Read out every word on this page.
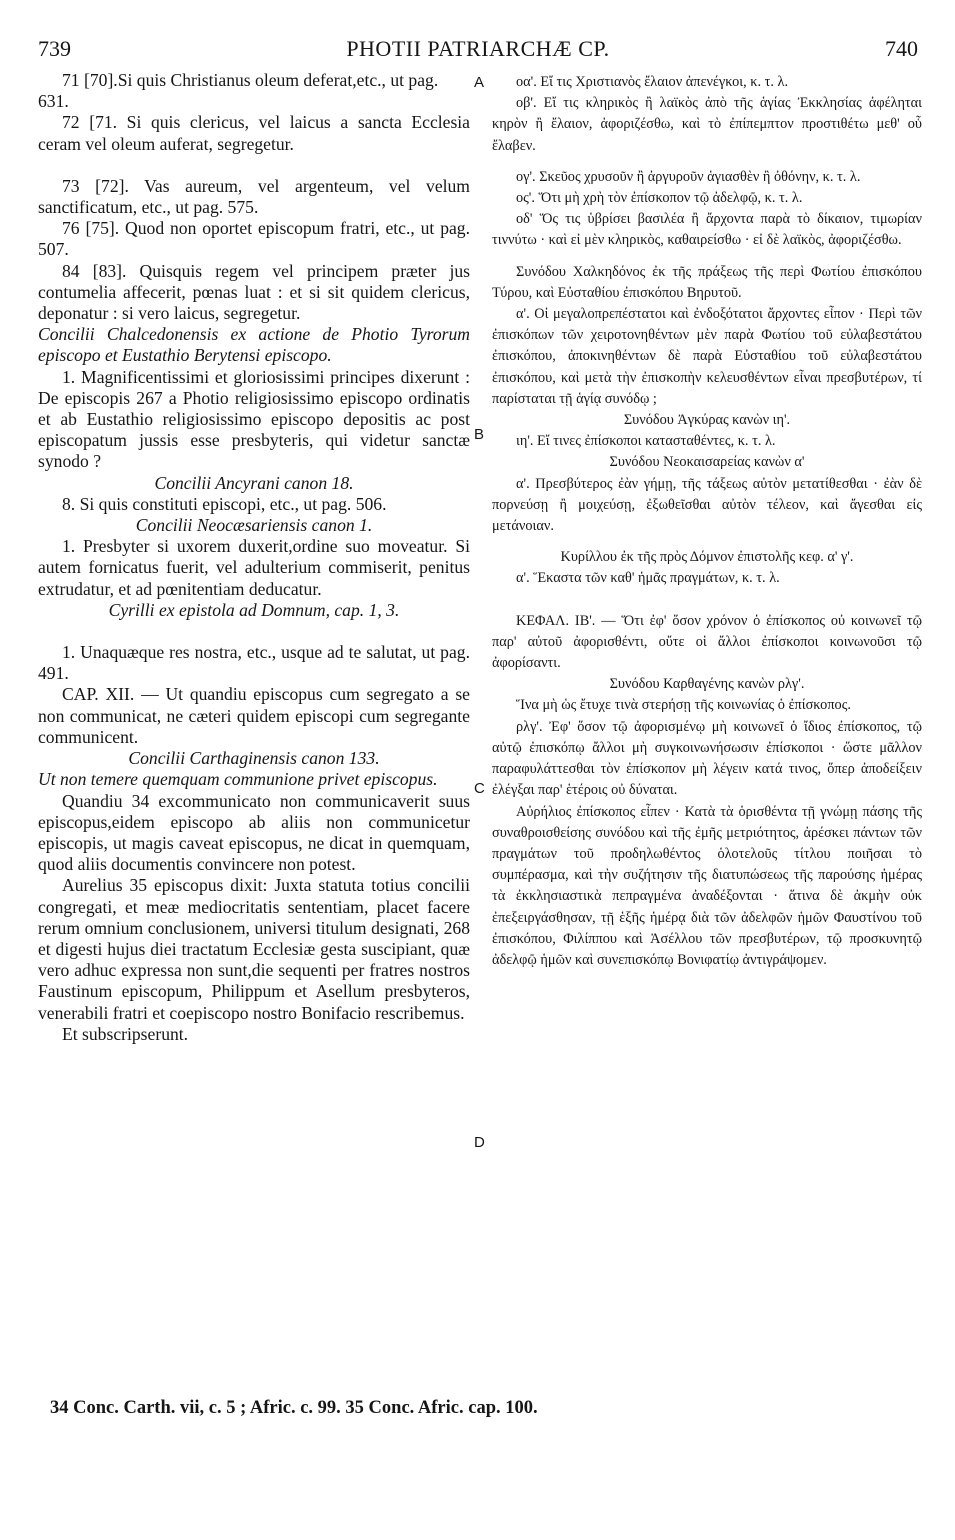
739	PHOTII PATRIARCHÆ CP.	740
A
B
C
D

71 [70].Si quis Christianus oleum deferat,etc., ut pag. 631.

72 [71. Si quis clericus, vel laicus a sancta Ecclesia ceram vel oleum auferat, segregetur.

73 [72]. Vas aureum, vel argenteum, vel velum sanctificatum, etc., ut pag. 575.

76 [75]. Quod non oportet episcopum fratri, etc., ut pag. 507.

84 [83]. Quisquis regem vel principem præter jus contumelia affecerit, pœnas luat : et si sit quidem clericus, deponatur : si vero laicus, segregetur.

Concilii Chalcedonensis ex actione de Photio Tyrorum episcopo et Eustathio Berytensi episcopo.

1. Magnificentissimi et gloriosissimi principes dixerunt : De episcopis 267 a Photio religiosissimo episcopo ordinatis et ab Eustathio religiosissimo episcopo depositis ac post episcopatum jussis esse presbyteris, qui videtur sanctæ synodo ?

Concilii Ancyrani canon 18.

8. Si quis constituti episcopi, etc., ut pag. 506.

Concilii Neocæsariensis canon 1.

1. Presbyter si uxorem duxerit,ordine suo moveatur. Si autem fornicatus fuerit, vel adulterium commiserit, penitus extrudatur, et ad pœnitentiam deducatur.

Cyrilli ex epistola ad Domnum, cap. 1, 3.

1. Unaquæque res nostra, etc., usque ad te salutat, ut pag. 491.

CAP. XII. — Ut quandiu episcopus cum segregato a se non communicat, ne cæteri quidem episcopi cum segregante communicent.

Concilii Carthaginensis canon 133.

Ut non temere quemquam communione privet episcopus.

Quandiu 34 excommunicato non communicaverit suus episcopus,eidem episcopo ab aliis non communicetur episcopis, ut magis caveat episcopus, ne dicat in quemquam, quod aliis documentis convincere non potest.

Aurelius 35 episcopus dixit: Juxta statuta totius concilii congregati, et meæ mediocritatis sententiam, placet facere rerum omnium conclusionem, universi titulum designati, 268 et digesti hujus diei tractatum Ecclesiæ gesta suscipiant, quæ vero adhuc expressa non sunt,die sequenti per fratres nostros Faustinum episcopum, Philippum et Asellum presbyteros, venerabili fratri et coepiscopo nostro Bonifacio rescribemus.

Et subscripserunt.

οα'. Εἴ τις Χριστιανὸς ἔλαιον ἀπενέγκοι, κ. τ. λ.

οβ'. Εἴ τις κληρικὸς ἢ λαϊκὸς ἀπὸ τῆς ἁγίας Ἐκκλησίας ἀφέληται κηρὸν ἢ ἔλαιον, ἀφοριζέσθω, καὶ τὸ ἐπίπεμπτον προστιθέτω μεθ' οὗ ἔλαβεν.

ογ'. Σκεῦος χρυσοῦν ἢ ἀργυροῦν ἁγιασθὲν ἢ ὀθόνην, κ. τ. λ.

ος'. Ὅτι μὴ χρὴ τὸν ἐπίσκοπον τῷ ἀδελφῷ, κ. τ. λ.

οδ' Ὅς τις ὑβρίσει βασιλέα ἢ ἄρχοντα παρὰ τὸ δίκαιον, τιμωρίαν τιννύτω · καὶ εἰ μὲν κληρικὸς, καθαιρείσθω · εἰ δὲ λαϊκὸς, ἀφοριζέσθω.

Συνόδου Χαλκηδόνος ἐκ τῆς πράξεως τῆς περὶ Φωτίου ἐπισκόπου Τύρου, καὶ Εὐσταθίου ἐπισκόπου Βηρυτοῦ.

α'. Οἱ μεγαλοπρεπέστατοι καὶ ἐνδοξότατοι ἄρχοντες εἶπον · Περὶ τῶν ἐπισκόπων τῶν χειροτονηθέντων μὲν παρὰ Φωτίου τοῦ εὐλαβεστάτου ἐπισκόπου, ἀποκινηθέντων δὲ παρὰ Εὐσταθίου τοῦ εὐλαβεστάτου ἐπισκόπου, καὶ μετὰ τὴν ἐπισκοπὴν κελευσθέντων εἶναι πρεσβυτέρων, τί παρίσταται τῇ ἁγίᾳ συνόδῳ ;

Συνόδου Ἀγκύρας κανὼν ιη'.

ιη'. Εἴ τινες ἐπίσκοποι κατασταθέντες, κ. τ. λ.

Συνόδου Νεοκαισαρείας κανὼν α'

α'. Πρεσβύτερος ἐὰν γήμῃ, τῆς τάξεως αὐτὸν μετατίθεσθαι · ἐὰν δὲ πορνεύσῃ ἢ μοιχεύσῃ, ἐξωθεῖσθαι αὐτὸν τέλεον, καὶ ἄγεσθαι εἰς μετάνοιαν.

Κυρίλλου ἐκ τῆς πρὸς Δόμνον ἐπιστολῆς κεφ. α' γ'.

α'. Ἕκαστα τῶν καθ' ἡμᾶς πραγμάτων, κ. τ. λ.

ΚΕΦΑΛ. ΙΒ'. — Ὅτι ἐφ' ὅσον χρόνον ὁ ἐπίσκοπος οὐ κοινωνεῖ τῷ παρ' αὐτοῦ ἀφορισθέντι, οὔτε οἱ ἄλλοι ἐπίσκοποι κοινωνοῦσι τῷ ἀφορίσαντι.

Συνόδου Καρθαγένης κανὼν ρλγ'.

Ἵνα μὴ ὡς ἔτυχε τινὰ στερήσῃ τῆς κοινωνίας ὁ ἐπίσκοπος.

ρλγ'. Ἐφ' ὅσον τῷ ἀφορισμένῳ μὴ κοινωνεῖ ὁ ἴδιος ἐπίσκοπος, τῷ αὐτῷ ἐπισκόπῳ ἄλλοι μὴ συγκοινωνήσωσιν ἐπίσκοποι · ὥστε μᾶλλον παραφυλάττεσθαι τὸν ἐπίσκοπον μὴ λέγειν κατά τινος, ὅπερ ἀποδείξειν ἐλέγξαι παρ' ἑτέροις οὐ δύναται.

Αὐρήλιος ἐπίσκοπος εἶπεν · Κατὰ τὰ ὁρισθέντα τῇ γνώμῃ πάσης τῆς συναθροισθείσης συνόδου καὶ τῆς ἐμῆς μετριότητος, ἀρέσκει πάντων τῶν πραγμάτων τοῦ προδηλωθέντος ὁλοτελοῦς τίτλου ποιῆσαι τὸ συμπέρασμα, καὶ τὴν συζήτησιν τῆς διατυπώσεως τῆς παρούσης ἡμέρας τὰ ἐκκλησιαστικὰ πεπραγμένα ἀναδέξονται · ἅτινα δὲ ἀκμὴν οὐκ ἐπεξειργάσθησαν, τῇ ἑξῆς ἡμέρᾳ διὰ τῶν ἀδελφῶν ἡμῶν Φαυστίνου τοῦ ἐπισκόπου, Φιλίππου καὶ Ἀσέλλου τῶν πρεσβυτέρων, τῷ προσκυνητῷ ἀδελφῷ ἡμῶν καὶ συνεπισκόπῳ Βονιφατίῳ ἀντιγράψομεν.

34 Conc. Carth. vii, c. 5 ; Afric. c. 99. 35 Conc. Afric. cap. 100.
